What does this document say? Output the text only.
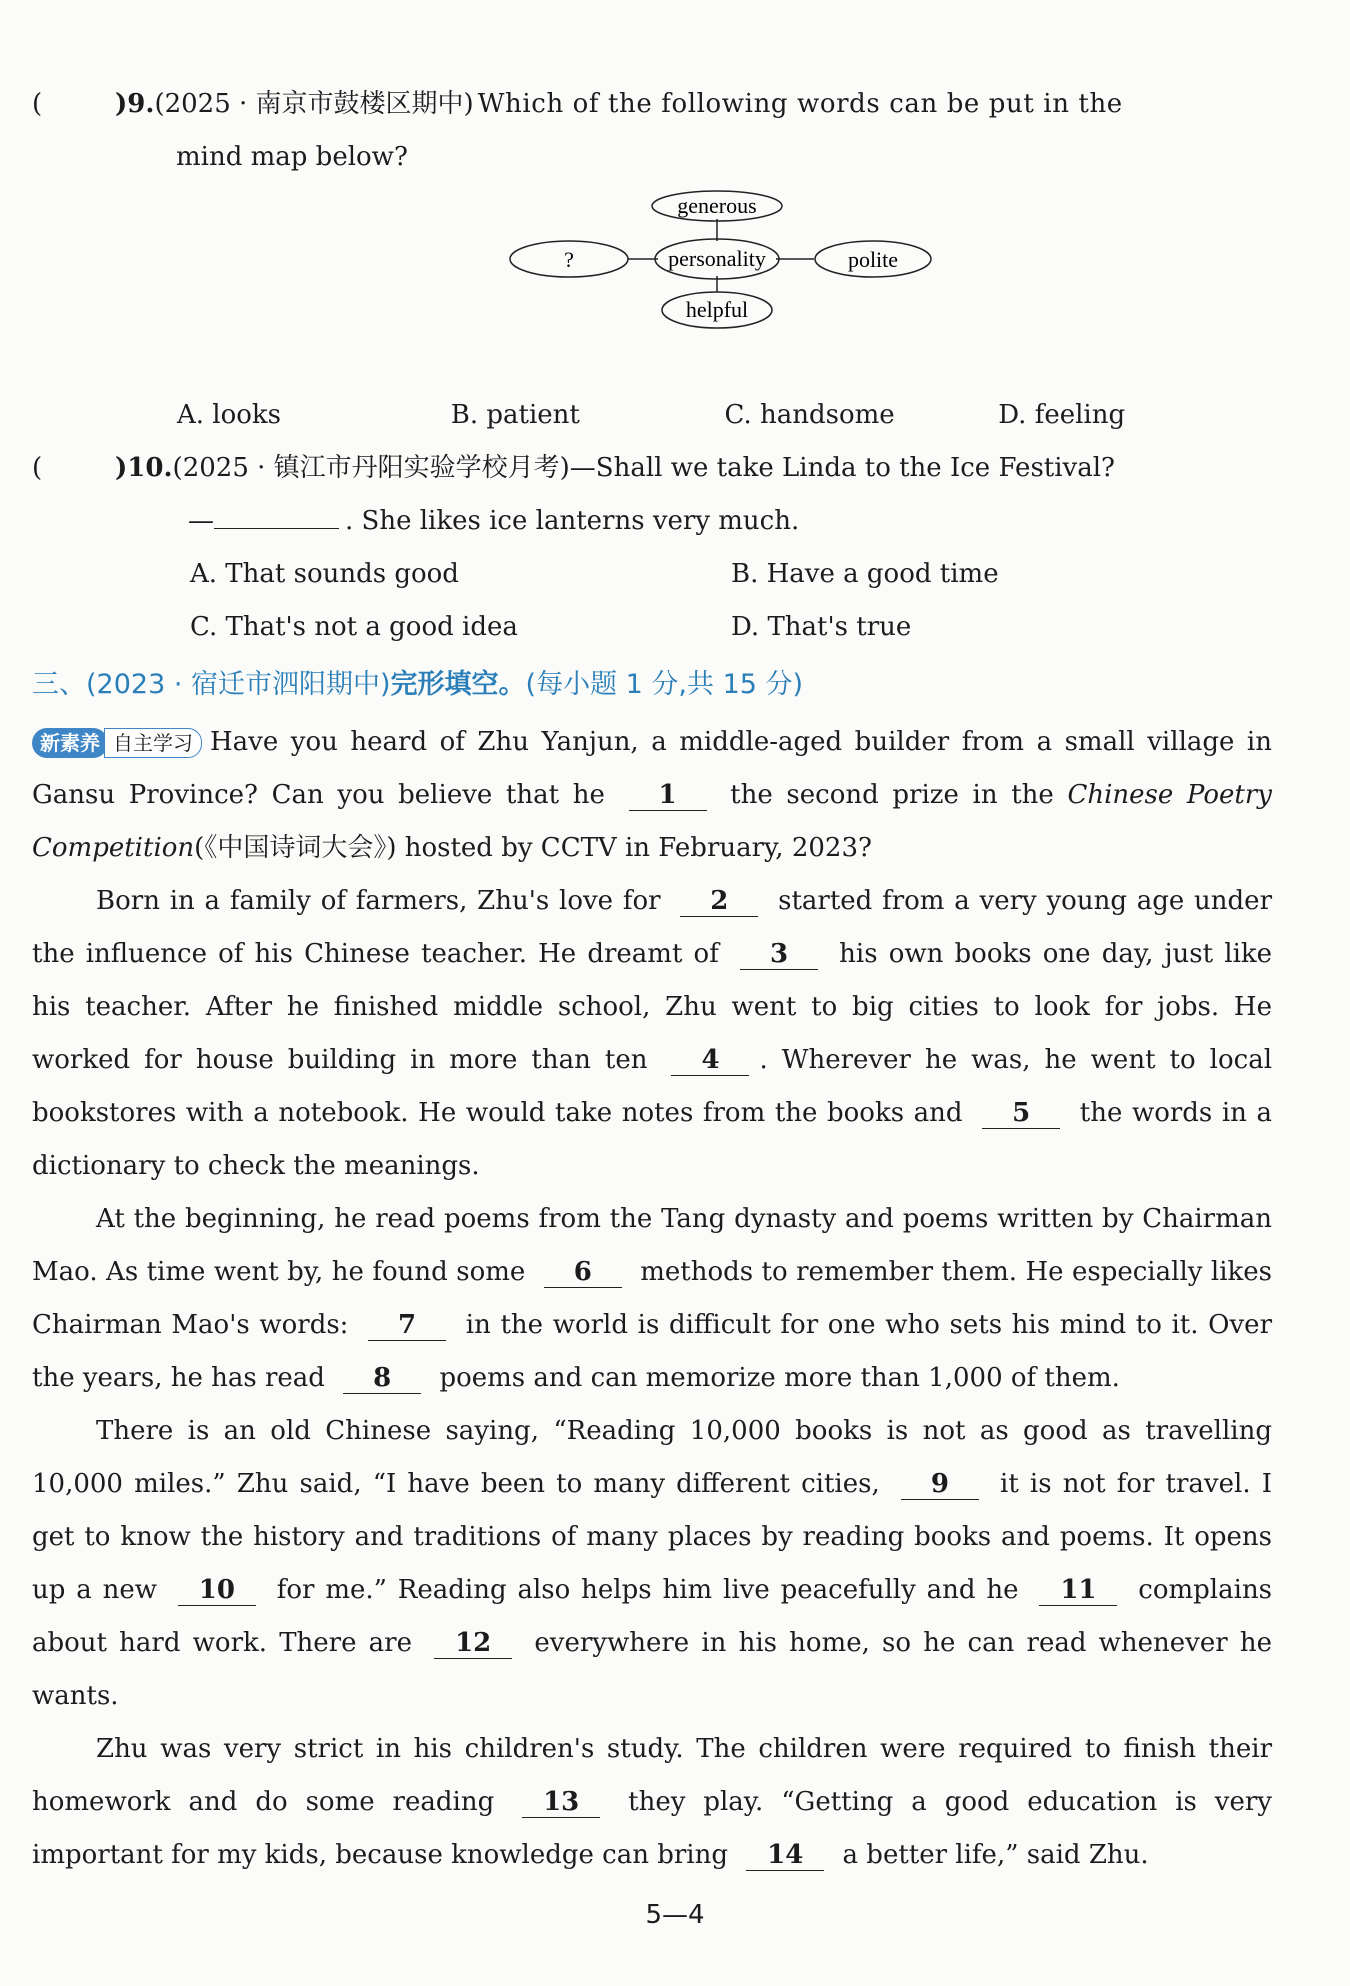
(	)9. (2025 · 南京市鼓楼区期中) Which of the following words can be put in the
mind map below?
generous
personality
?	polite
helpful
A. looks	B. patient	C. handsome	D. feeling
(	)10. (2025 · 镇江市丹阳实验学校月考) —Shall we take Linda to the Ice Festival?
—	. She likes ice lanterns very much.
A. That sounds good	B. Have a good time
C. That's not a good idea	D. That's true
三、(2023 · 宿迁市泗阳期中)完形填空。(每小题 1 分,共 15 分)

新素养 自主学习 Have you heard of Zhu Yanjun, a middle-aged builder from a small village in Gansu Province? Can you believe that he 1 the second prize in the Chinese Poetry Competition(《中国诗词大会》) hosted by CCTV in February, 2023?

Born in a family of farmers, Zhu's love for 2 started from a very young age under the influence of his Chinese teacher. He dreamt of 3 his own books one day, just like his teacher. After he finished middle school, Zhu went to big cities to look for jobs. He worked for house building in more than ten 4 . Wherever he was, he went to local bookstores with a notebook. He would take notes from the books and 5 the words in a dictionary to check the meanings.

At the beginning, he read poems from the Tang dynasty and poems written by Chairman Mao. As time went by, he found some 6 methods to remember them. He especially likes Chairman Mao's words: 7 in the world is difficult for one who sets his mind to it. Over the years, he has read 8 poems and can memorize more than 1,000 of them.

There is an old Chinese saying, “Reading 10,000 books is not as good as travelling 10,000 miles.” Zhu said, “I have been to many different cities, 9 it is not for travel. I get to know the history and traditions of many places by reading books and poems. It opens up a new 10 for me.” Reading also helps him live peacefully and he 11 complains about hard work. There are 12 everywhere in his home, so he can read whenever he wants.

Zhu was very strict in his children's study. The children were required to finish their homework and do some reading 13 they play. “Getting a good education is very important for my kids, because knowledge can bring 14 a better life,” said Zhu.

5—4
